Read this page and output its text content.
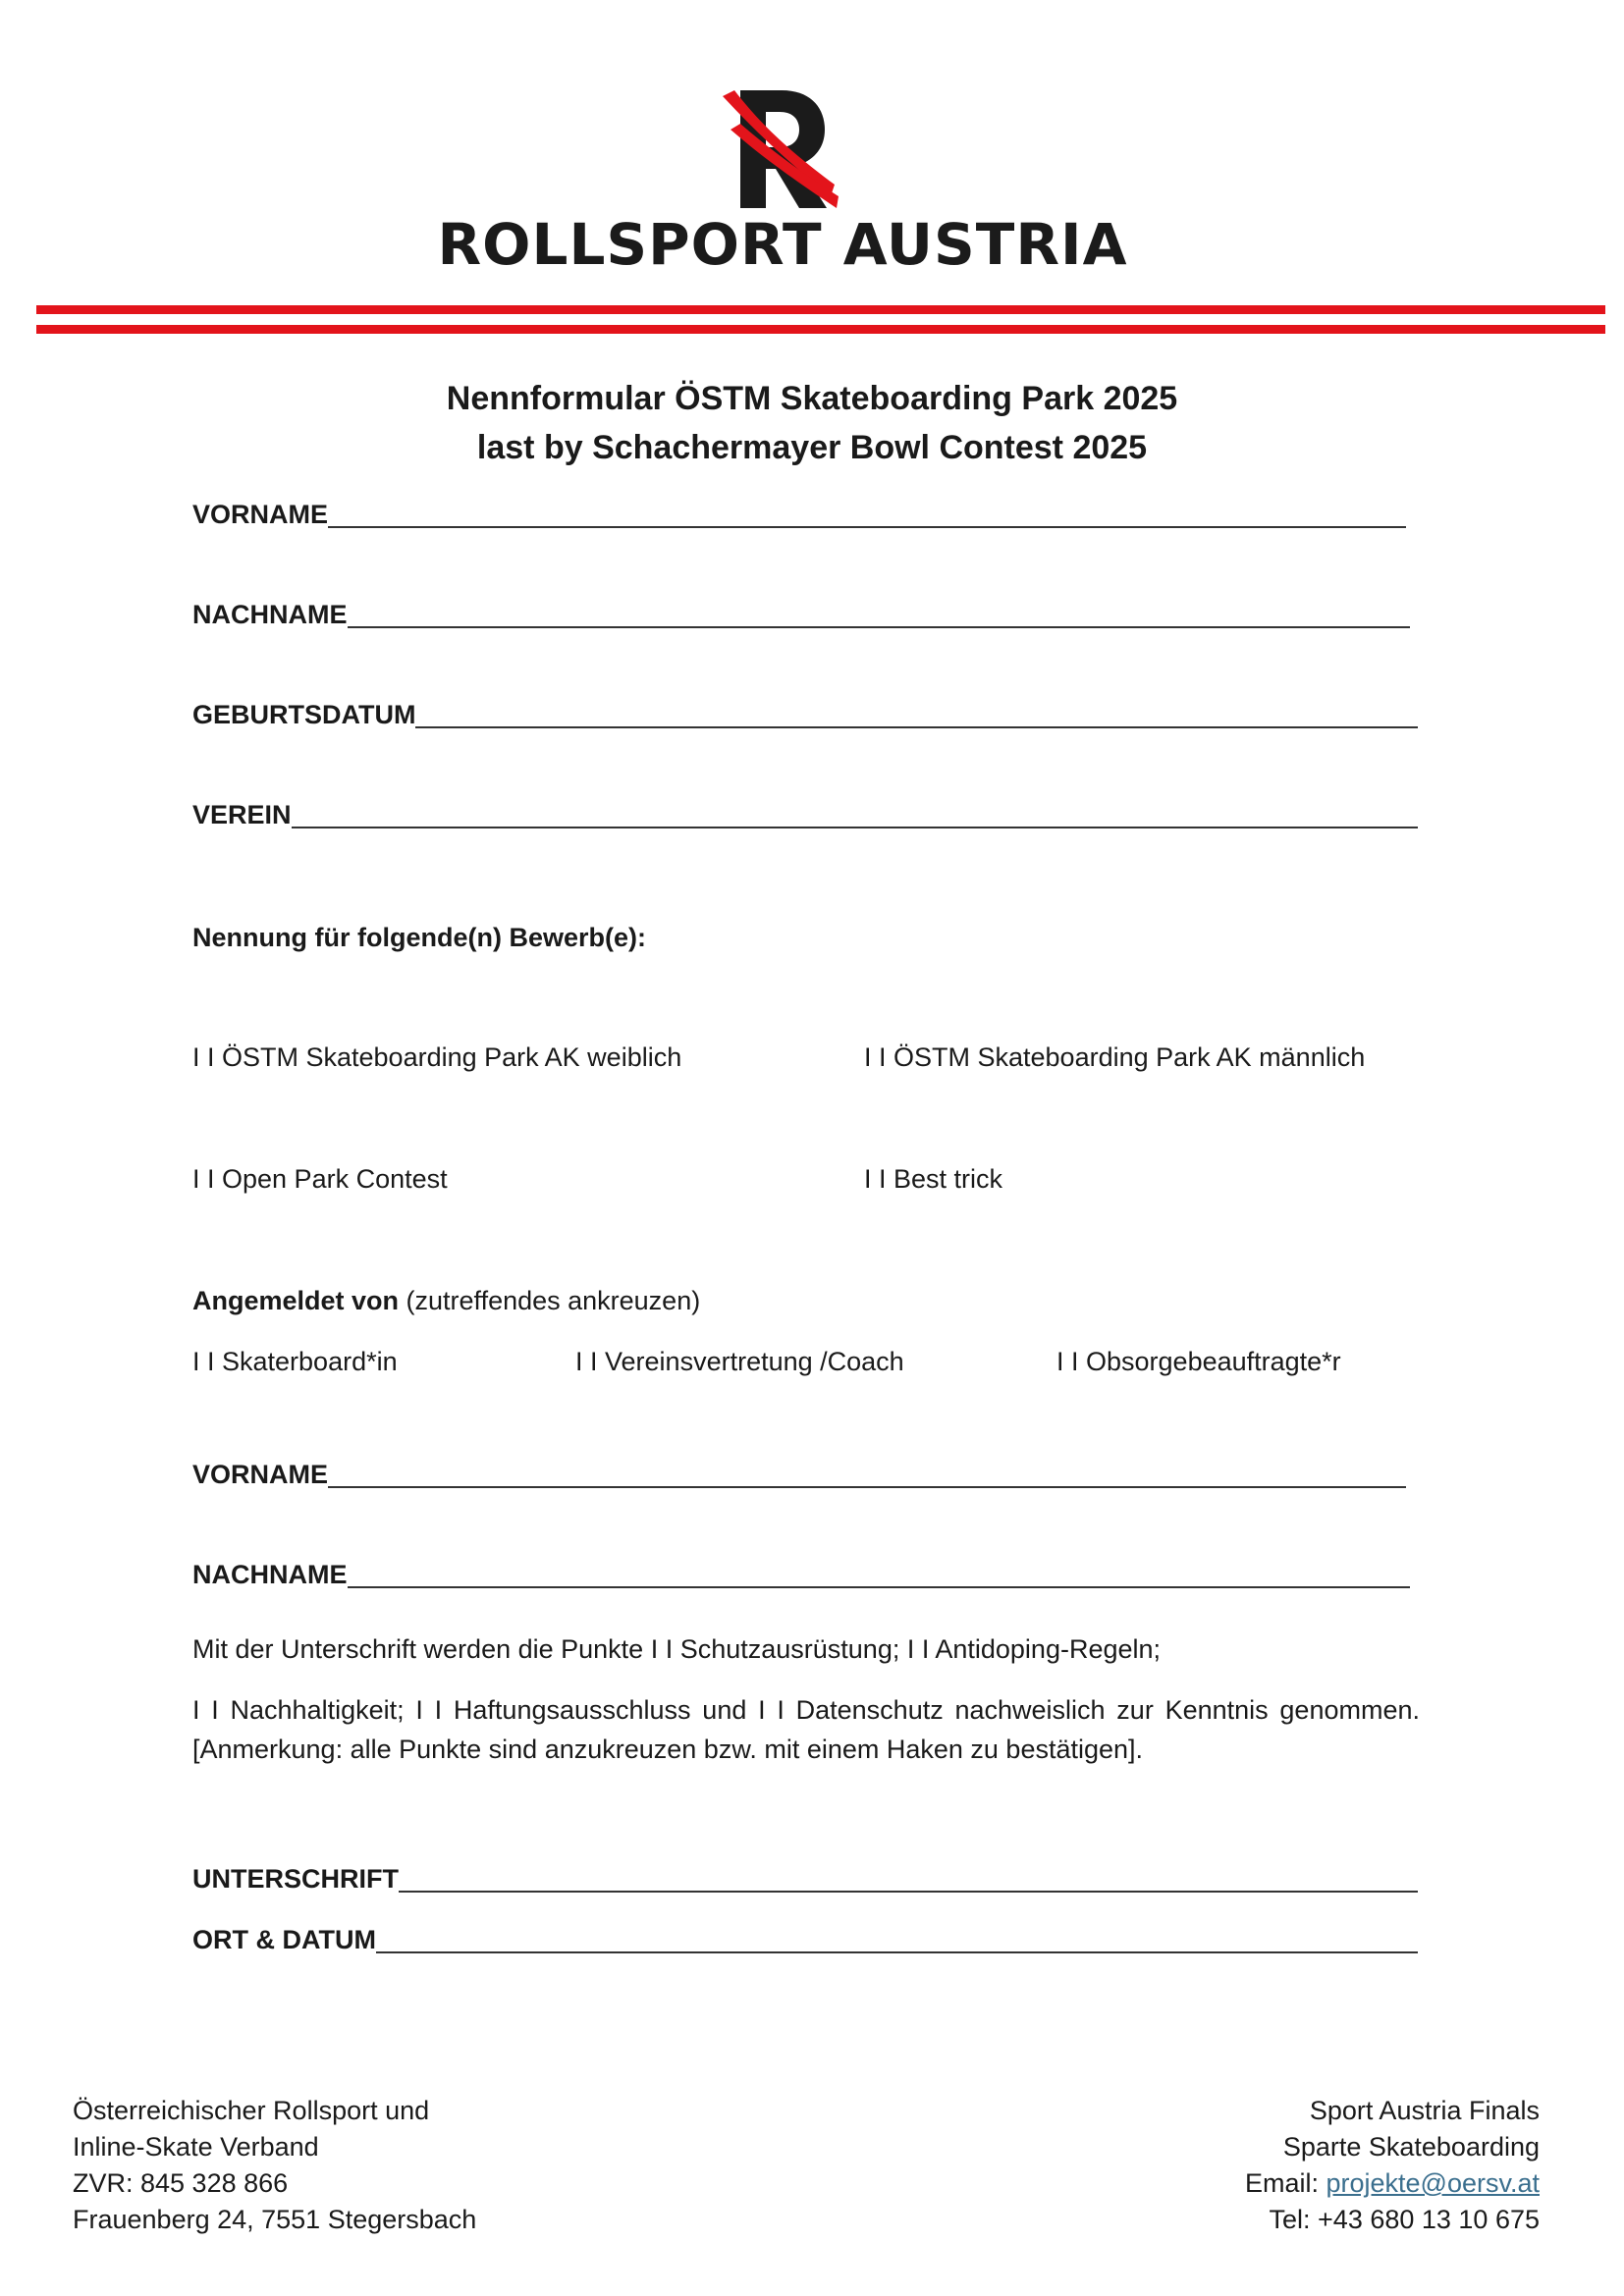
ROLLSPORT AUSTRIA
Nennformular ÖSTM Skateboarding Park 2025
last by Schachermayer Bowl Contest 2025
VORNAME
NACHNAME
GEBURTSDATUM
VEREIN
Nennung für folgende(n) Bewerb(e):
I I ÖSTM Skateboarding Park AK weiblich	I I ÖSTM Skateboarding Park AK männlich
I I Open Park Contest	I I Best trick
Angemeldet von (zutreffendes ankreuzen)
I I Skaterboard*in	I I Vereinsvertretung /Coach	I I Obsorgebeauftragte*r
VORNAME
NACHNAME
Mit der Unterschrift werden die Punkte I I Schutzausrüstung; I I Antidoping-Regeln;
I I Nachhaltigkeit; I I Haftungsausschluss und I I Datenschutz nachweislich zur Kenntnis genommen. [Anmerkung: alle Punkte sind anzukreuzen bzw. mit einem Haken zu bestätigen].
UNTERSCHRIFT
ORT & DATUM
Österreichischer Rollsport und
Inline-Skate Verband
ZVR: 845 328 866
Frauenberg 24, 7551 Stegersbach
Sport Austria Finals
Sparte Skateboarding
Email: projekte@oersv.at
Tel: +43 680 13 10 675
